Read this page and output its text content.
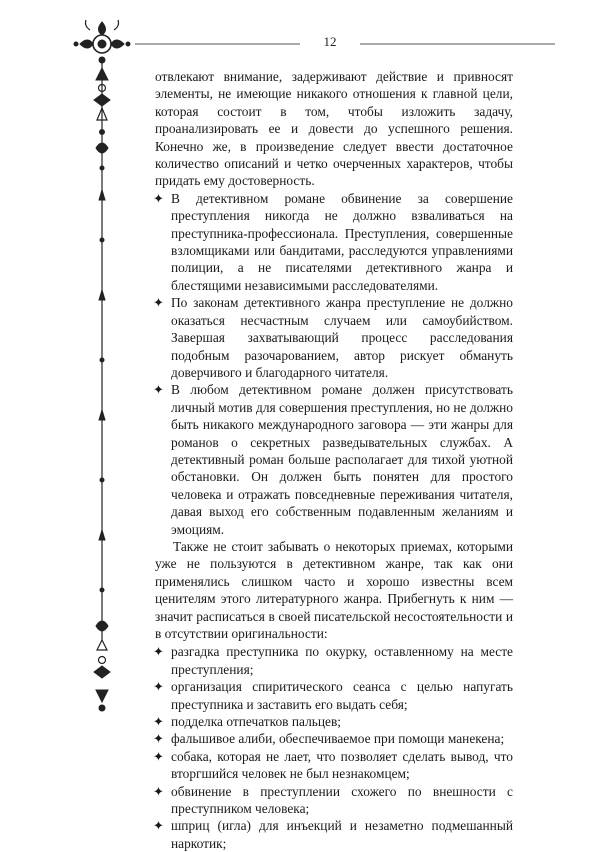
12

отвлекают внимание, задерживают действие и привносят элементы, не имеющие никакого отношения к главной цели, которая состоит в том, чтобы изложить задачу, проанализировать ее и довести до успешного решения. Конечно же, в произведение следует ввести достаточное количество описаний и четко очерченных характеров, чтобы придать ему достоверность.

✦ В детективном романе обвинение за совершение преступления никогда не должно взваливаться на преступника-профессионала. Преступления, совершенные взломщиками или бандитами, расследуются управлениями полиции, а не писателями детективного жанра и блестящими независимыми расследователями.

✦ По законам детективного жанра преступление не должно оказаться несчастным случаем или самоубийством. Завершая захватывающий процесс расследования подобным разочарованием, автор рискует обмануть доверчивого и благодарного читателя.

✦ В любом детективном романе должен присутствовать личный мотив для совершения преступления, но не должно быть никакого международного заговора — эти жанры для романов о секретных разведывательных службах. А детективный роман больше располагает для тихой уютной обстановки. Он должен быть понятен для простого человека и отражать повседневные переживания читателя, давая выход его собственным подавленным желаниям и эмоциям.

Также не стоит забывать о некоторых приемах, которыми уже не пользуются в детективном жанре, так как они применялись слишком часто и хорошо известны всем ценителям этого литературного жанра. Прибегнуть к ним — значит расписаться в своей писательской несостоятельности и в отсутствии оригинальности:

✦ разгадка преступника по окурку, оставленному на месте преступления;

✦ организация спиритического сеанса с целью напугать преступника и заставить его выдать себя;

✦ подделка отпечатков пальцев;

✦ фальшивое алиби, обеспечиваемое при помощи манекена;

✦ собака, которая не лает, что позволяет сделать вывод, что вторгшийся человек не был незнакомцем;

✦ обвинение в преступлении схожего по внешности с преступником человека;

✦ шприц (игла) для инъекций и незаметно подмешанный наркотик;
